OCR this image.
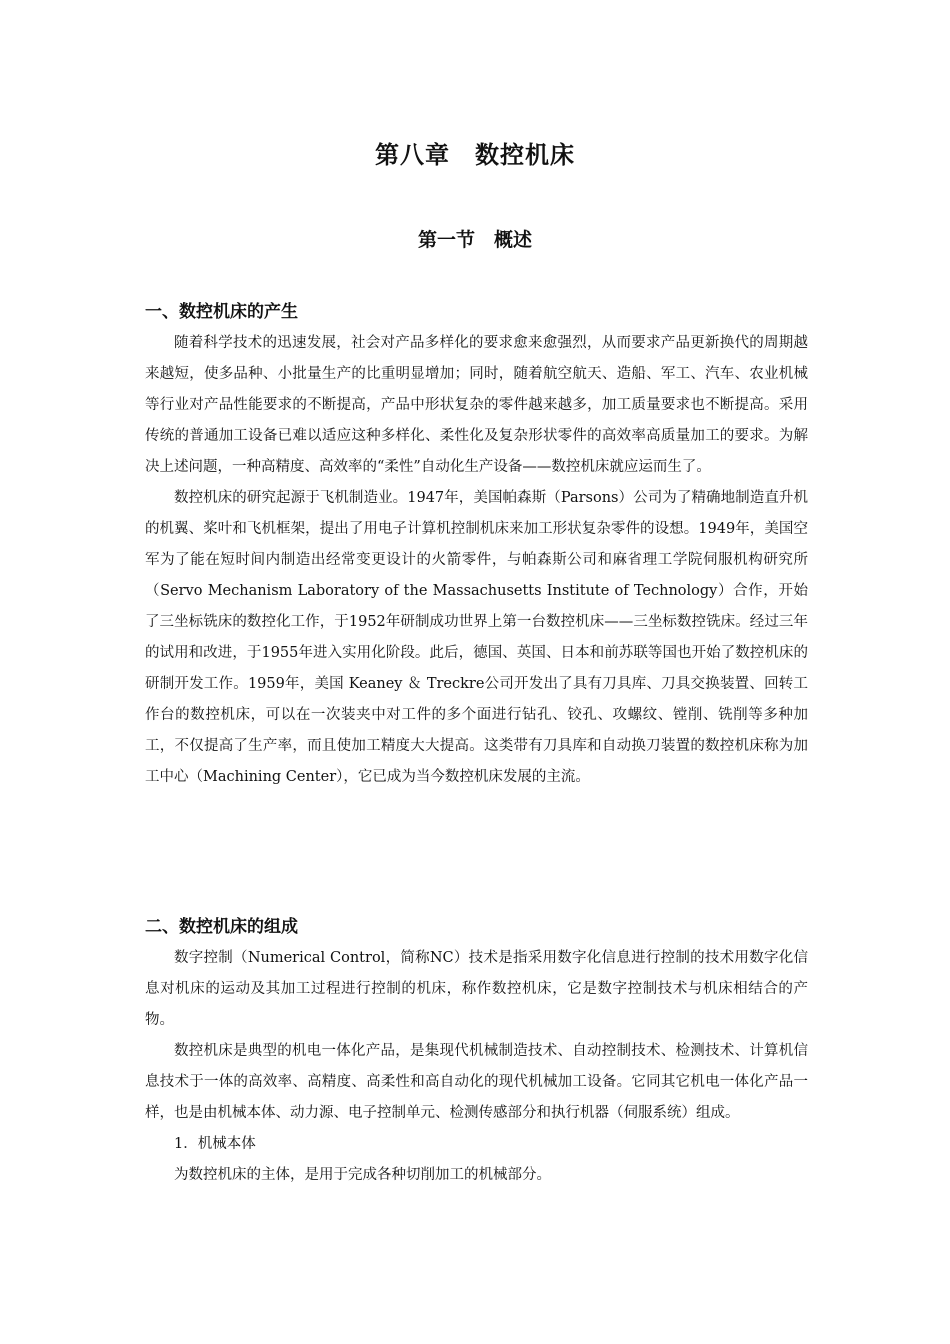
第八章　数控机床
第一节　概述

一、数控机床的产生

随着科学技术的迅速发展，社会对产品多样化的要求愈来愈强烈，从而要求产品更新换代的周期越来越短，使多品种、小批量生产的比重明显增加；同时，随着航空航天、造船、军工、汽车、农业机械等行业对产品性能要求的不断提高，产品中形状复杂的零件越来越多，加工质量要求也不断提高。采用传统的普通加工设备已难以适应这种多样化、柔性化及复杂形状零件的高效率高质量加工的要求。为解决上述问题，一种高精度、高效率的“柔性”自动化生产设备——数控机床就应运而生了。

数控机床的研究起源于飞机制造业。1947年，美国帕森斯（Parsons）公司为了精确地制造直升机的机翼、桨叶和飞机框架，提出了用电子计算机控制机床来加工形状复杂零件的设想。1949年，美国空军为了能在短时间内制造出经常变更设计的火箭零件，与帕森斯公司和麻省理工学院伺服机构研究所（Servo Mechanism Laboratory of the Massachusetts Institute of Technology）合作，开始了三坐标铣床的数控化工作，于1952年研制成功世界上第一台数控机床——三坐标数控铣床。经过三年的试用和改进，于1955年进入实用化阶段。此后，德国、英国、日本和前苏联等国也开始了数控机床的研制开发工作。1959年，美国 Keaney ＆ Treckre公司开发出了具有刀具库、刀具交换装置、回转工作台的数控机床，可以在一次装夹中对工件的多个面进行钻孔、铰孔、攻螺纹、镗削、铣削等多种加工，不仅提高了生产率，而且使加工精度大大提高。这类带有刀具库和自动换刀装置的数控机床称为加工中心（Machining Center），它已成为当今数控机床发展的主流。

二、数控机床的组成

数字控制（Numerical Control，简称NC）技术是指采用数字化信息进行控制的技术用数字化信息对机床的运动及其加工过程进行控制的机床，称作数控机床，它是数字控制技术与机床相结合的产物。

数控机床是典型的机电一体化产品，是集现代机械制造技术、自动控制技术、检测技术、计算机信息技术于一体的高效率、高精度、高柔性和高自动化的现代机械加工设备。它同其它机电一体化产品一样，也是由机械本体、动力源、电子控制单元、检测传感部分和执行机器（伺服系统）组成。

1．机械本体

为数控机床的主体，是用于完成各种切削加工的机械部分。
